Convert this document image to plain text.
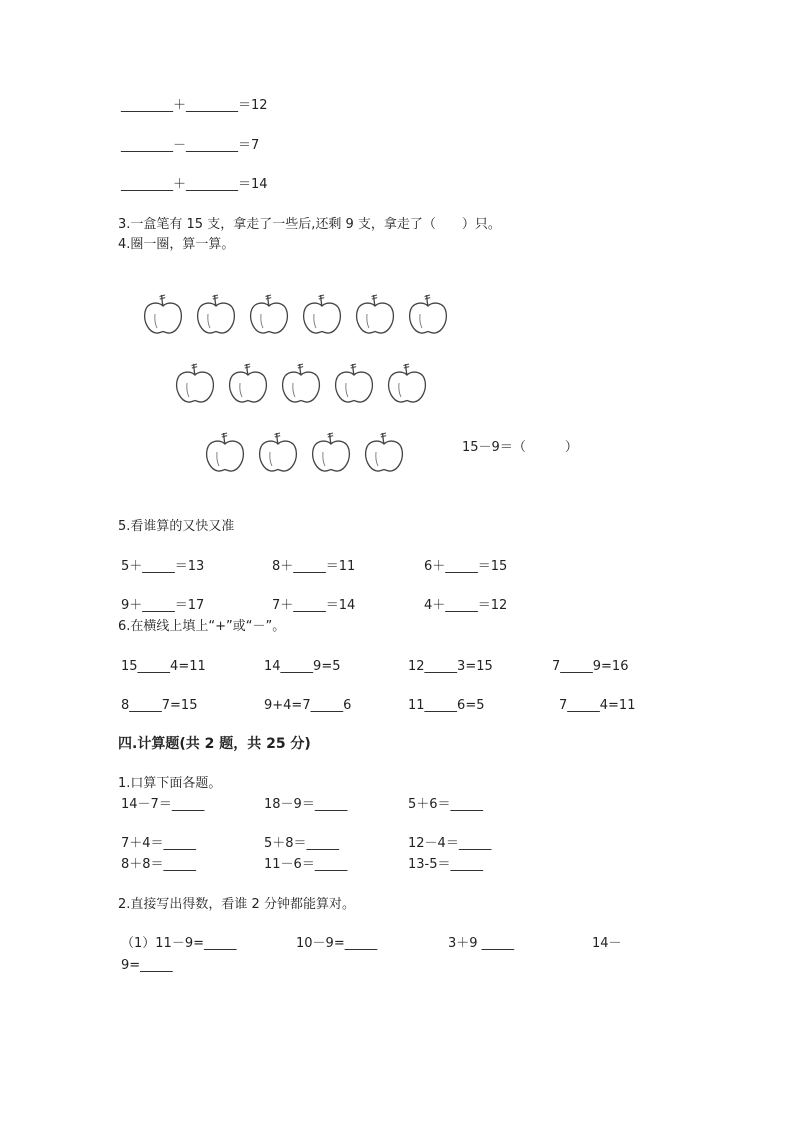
________＋________＝12
________－________＝7
________＋________＝14
3.一盒笔有 15 支，拿走了一些后,还剩 9 支，拿走了（　　）只。
4.圈一圈，算一算。
15－9＝（　　　）
5.看谁算的又快又准
5＋_____＝13	8＋_____＝11	6＋_____＝15
9＋_____＝17	7＋_____＝14	4＋_____＝12
6.在横线上填上“+”或“－”。
15_____4=11	14_____9=5	12_____3=15	7_____9=16
8_____7=15	9+4=7_____6	11_____6=5	7_____4=11
四.计算题(共 2 题，共 25 分)
1.口算下面各题。
14－7＝_____	18－9＝_____	5＋6＝_____
7＋4＝_____	5＋8＝_____	12－4＝_____
8＋8＝_____	11－6＝_____	13-5＝_____
2.直接写出得数，看谁 2 分钟都能算对。
（1）11－9=_____	10－9=_____	3＋9 _____	14－
9=_____
